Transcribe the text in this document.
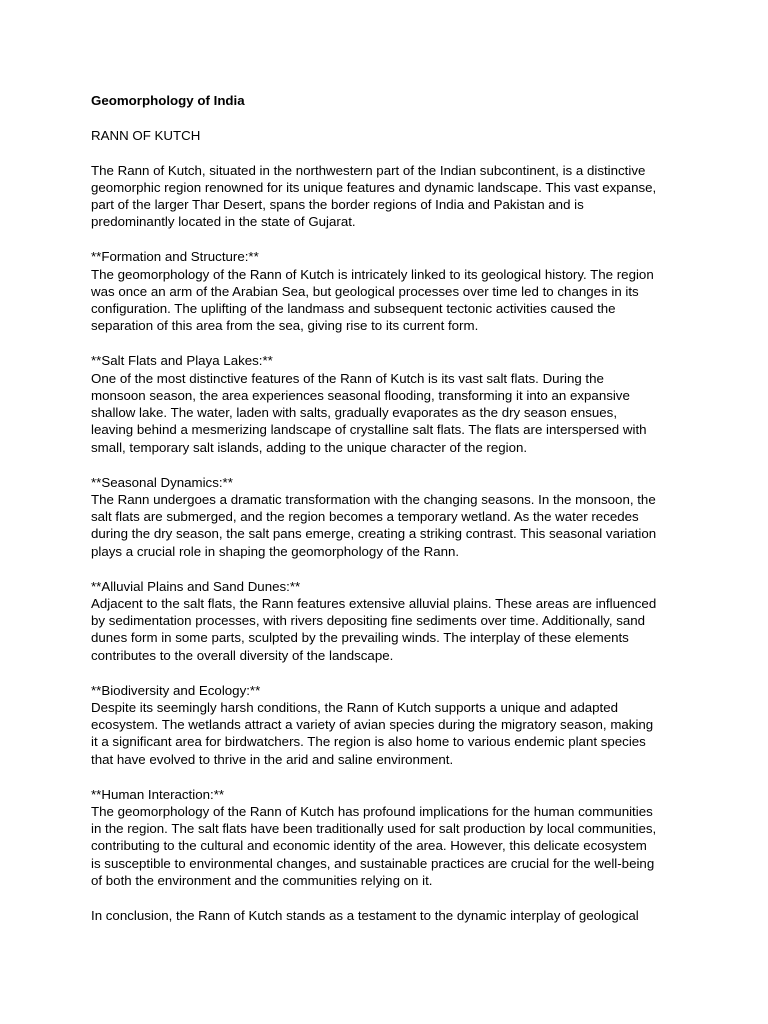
Geomorphology of India

RANN OF KUTCH

The Rann of Kutch, situated in the northwestern part of the Indian subcontinent, is a distinctive
geomorphic region renowned for its unique features and dynamic landscape. This vast expanse,
part of the larger Thar Desert, spans the border regions of India and Pakistan and is
predominantly located in the state of Gujarat.

**Formation and Structure:**

The geomorphology of the Rann of Kutch is intricately linked to its geological history. The region
was once an arm of the Arabian Sea, but geological processes over time led to changes in its
configuration. The uplifting of the landmass and subsequent tectonic activities caused the
separation of this area from the sea, giving rise to its current form.

**Salt Flats and Playa Lakes:**

One of the most distinctive features of the Rann of Kutch is its vast salt flats. During the
monsoon season, the area experiences seasonal flooding, transforming it into an expansive
shallow lake. The water, laden with salts, gradually evaporates as the dry season ensues,
leaving behind a mesmerizing landscape of crystalline salt flats. The flats are interspersed with
small, temporary salt islands, adding to the unique character of the region.

**Seasonal Dynamics:**

The Rann undergoes a dramatic transformation with the changing seasons. In the monsoon, the
salt flats are submerged, and the region becomes a temporary wetland. As the water recedes
during the dry season, the salt pans emerge, creating a striking contrast. This seasonal variation
plays a crucial role in shaping the geomorphology of the Rann.

**Alluvial Plains and Sand Dunes:**

Adjacent to the salt flats, the Rann features extensive alluvial plains. These areas are influenced
by sedimentation processes, with rivers depositing fine sediments over time. Additionally, sand
dunes form in some parts, sculpted by the prevailing winds. The interplay of these elements
contributes to the overall diversity of the landscape.

**Biodiversity and Ecology:**

Despite its seemingly harsh conditions, the Rann of Kutch supports a unique and adapted
ecosystem. The wetlands attract a variety of avian species during the migratory season, making
it a significant area for birdwatchers. The region is also home to various endemic plant species
that have evolved to thrive in the arid and saline environment.

**Human Interaction:**

The geomorphology of the Rann of Kutch has profound implications for the human communities
in the region. The salt flats have been traditionally used for salt production by local communities,
contributing to the cultural and economic identity of the area. However, this delicate ecosystem
is susceptible to environmental changes, and sustainable practices are crucial for the well-being
of both the environment and the communities relying on it.

In conclusion, the Rann of Kutch stands as a testament to the dynamic interplay of geological
